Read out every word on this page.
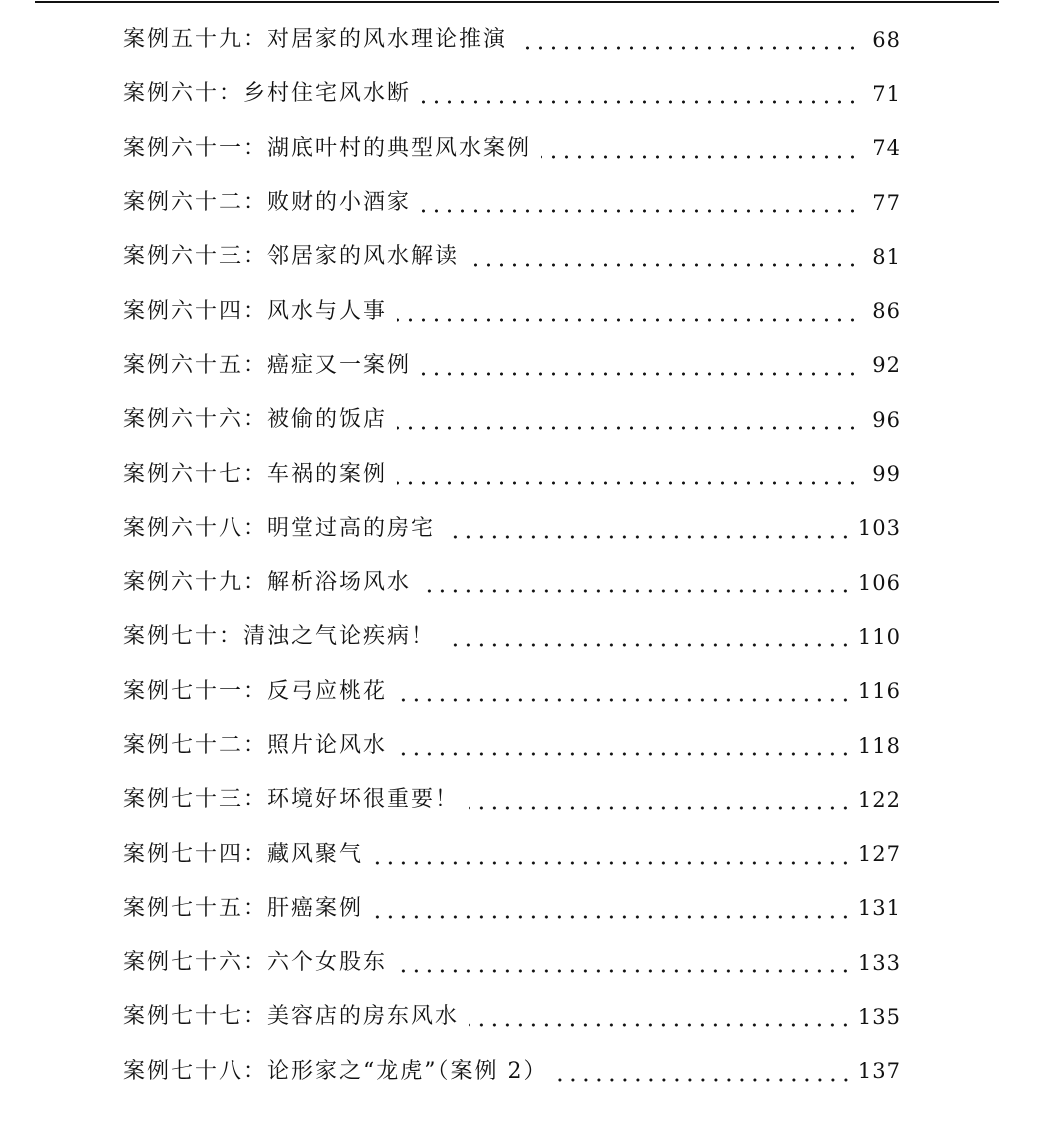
案例五十九：对居家的风水理论推演	68
案例六十：乡村住宅风水断	71
案例六十一：湖底叶村的典型风水案例	74
案例六十二：败财的小酒家	77
案例六十三：邻居家的风水解读	81
案例六十四：风水与人事	86
案例六十五：癌症又一案例	92
案例六十六：被偷的饭店	96
案例六十七：车祸的案例	99
案例六十八：明堂过高的房宅	103
案例六十九：解析浴场风水	106
案例七十：清浊之气论疾病！	110
案例七十一：反弓应桃花	116
案例七十二：照片论风水	118
案例七十三：环境好坏很重要！	122
案例七十四：藏风聚气	127
案例七十五：肝癌案例	131
案例七十六：六个女股东	133
案例七十七：美容店的房东风水	135
案例七十八：论形家之“龙虎”（案例 2）	137
